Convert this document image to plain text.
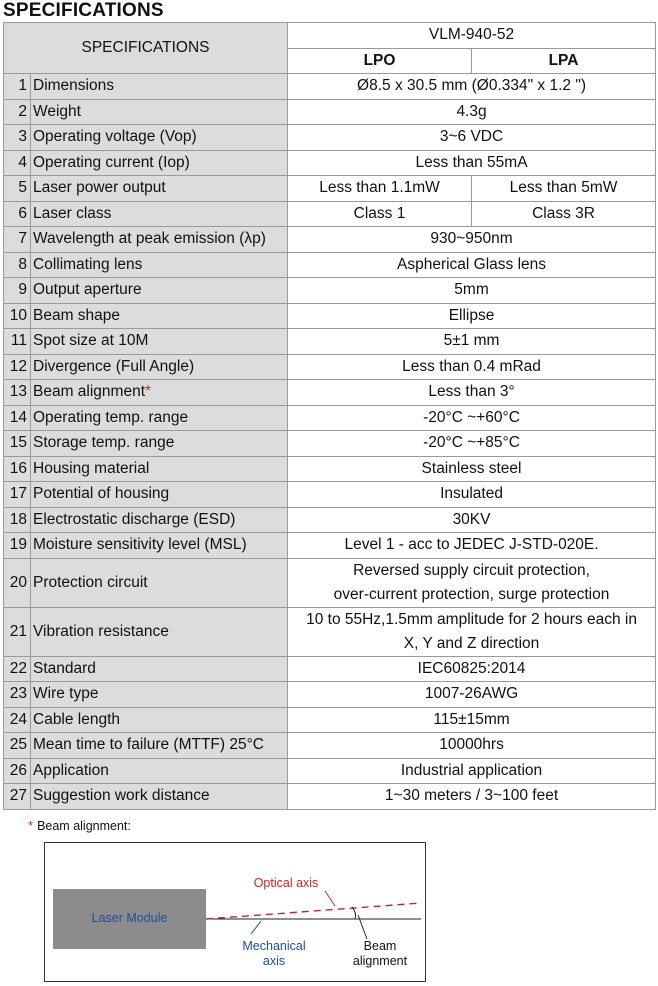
SPECIFICATIONS
SPECIFICATIONS		VLM-940-52	
		LPO	LPA
1	Dimensions	Ø8.5 x 30.5 mm (Ø0.334" x 1.2 ")	
2	Weight	4.3g	
3	Operating voltage (Vop)	3~6 VDC	
4	Operating current (Iop)	Less than 55mA	
5	Laser power output	Less than 1.1mW	Less than 5mW
6	Laser class	Class 1	Class 3R
7	Wavelength at peak emission (λp)	930~950nm	
8	Collimating lens	Aspherical Glass lens	
9	Output aperture	5mm	
10	Beam shape	Ellipse	
11	Spot size at 10M	5±1 mm	
12	Divergence (Full Angle)	Less than 0.4 mRad	
13	Beam alignment*	Less than 3°	
14	Operating temp. range	-20°C ~+60°C	
15	Storage temp. range	-20°C ~+85°C	
16	Housing material	Stainless steel	
17	Potential of housing	Insulated	
18	Electrostatic discharge (ESD)	30KV	
19	Moisture sensitivity level (MSL)	Level 1 - acc to JEDEC J-STD-020E.	
20	Protection circuit	Reversed supply circuit protection,
over-current protection, surge protection	

21	Vibration resistance	10 to 55Hz,1.5mm amplitude for 2 hours each in
X, Y and Z direction	

22	Standard	IEC60825:2014	
23	Wire type	1007-26AWG	
24	Cable length	115±15mm	
25	Mean time to failure (MTTF) 25°C	10000hrs	
26	Application	Industrial application	
27	Suggestion work distance	1~30 meters / 3~100 feet	
* Beam alignment:
Laser Module
Optical axis
Mechanical axis
Beam
alignment
